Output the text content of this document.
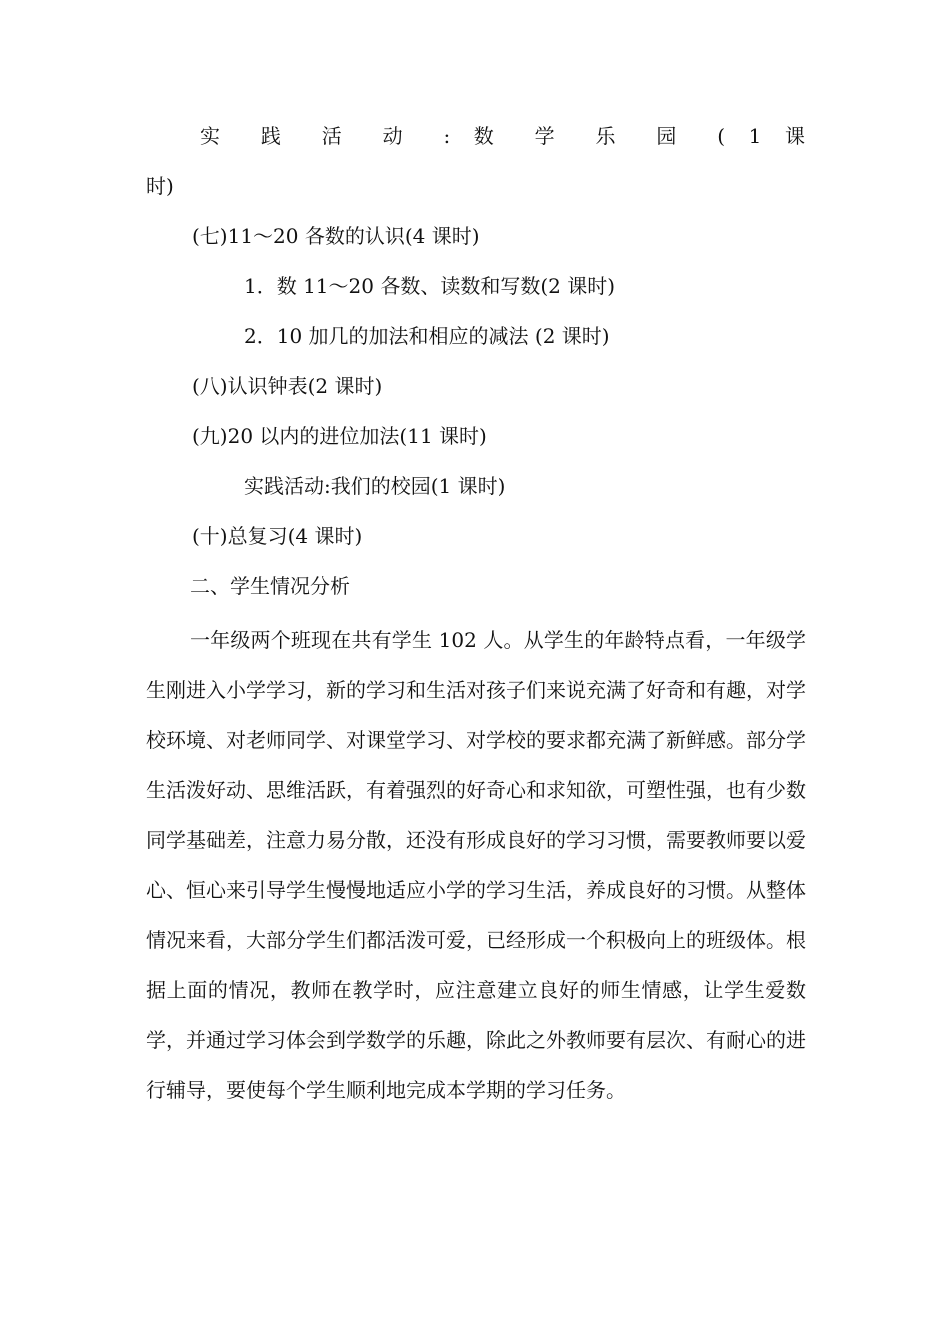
实 践 活 动 : 数 学 乐 园 ( 1 课
时)
(七)11～20 各数的认识(4 课时)
1．数 11～20 各数、读数和写数(2 课时)
2．10 加几的加法和相应的减法 (2 课时)
(八)认识钟表(2 课时)
(九)20 以内的进位加法(11 课时)
实践活动:我们的校园(1 课时)
(十)总复习(4 课时)
二、学生情况分析
一年级两个班现在共有学生 102 人。从学生的年龄特点看，一年级学生刚进入小学学习，新的学习和生活对孩子们来说充满了好奇和有趣，对学校环境、对老师同学、对课堂学习、对学校的要求都充满了新鲜感。部分学生活泼好动、思维活跃，有着强烈的好奇心和求知欲，可塑性强，也有少数同学基础差，注意力易分散，还没有形成良好的学习习惯，需要教师要以爱心、恒心来引导学生慢慢地适应小学的学习生活，养成良好的习惯。从整体情况来看，大部分学生们都活泼可爱，已经形成一个积极向上的班级体。根据上面的情况，教师在教学时，应注意建立良好的师生情感，让学生爱数学，并通过学习体会到学数学的乐趣，除此之外教师要有层次、有耐心的进行辅导，要使每个学生顺利地完成本学期的学习任务。
